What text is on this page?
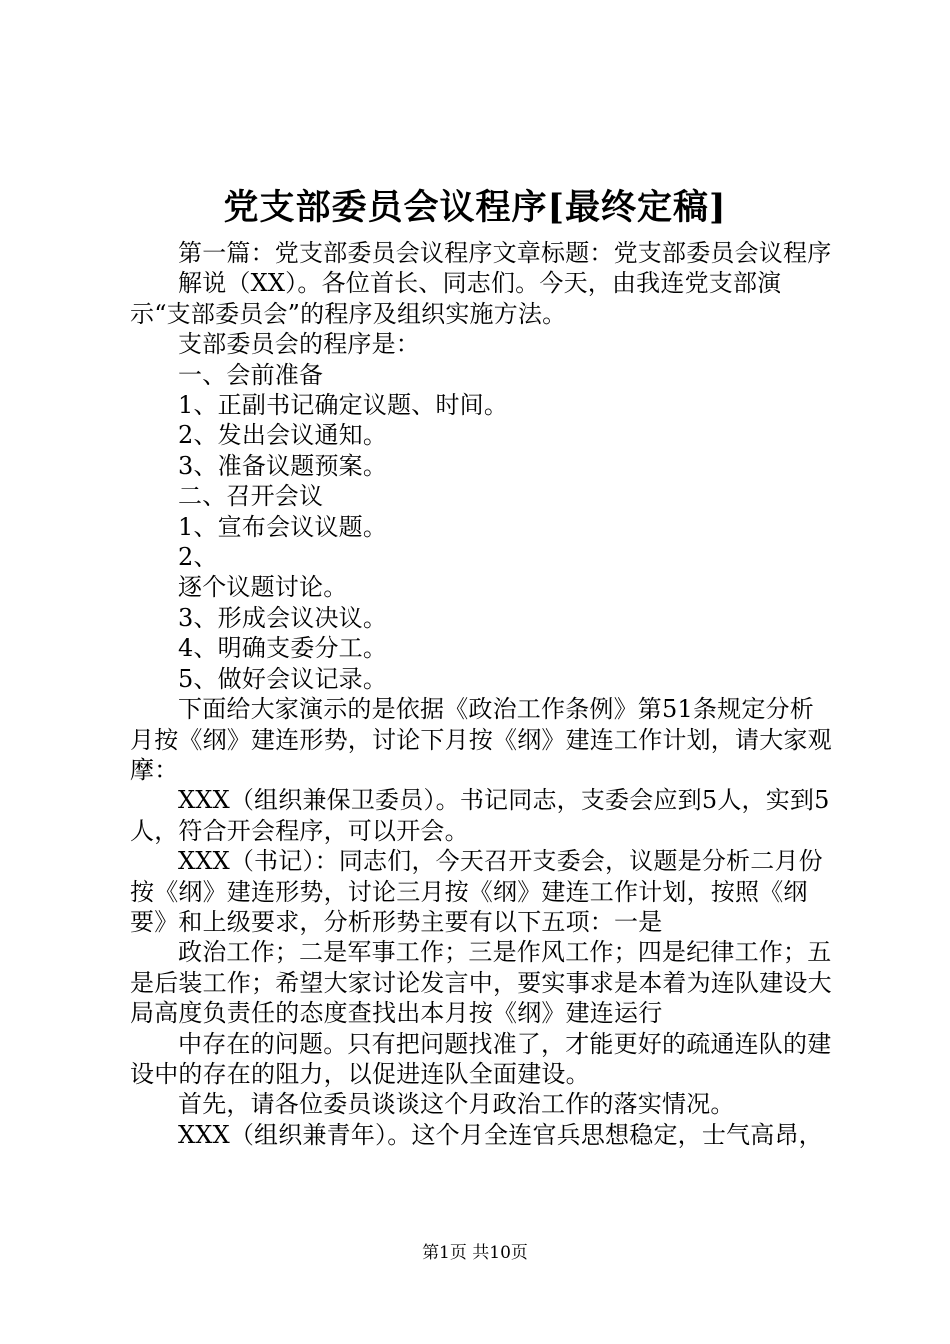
党支部委员会议程序[最终定稿]

第一篇：党支部委员会议程序文章标题：党支部委员会议程序

解说（XX）。各位首长、同志们。今天，由我连党支部演示“支部委员会”的程序及组织实施方法。

支部委员会的程序是：

一、会前准备

1、正副书记确定议题、时间。

2、发出会议通知。

3、准备议题预案。

二、召开会议

1、宣布会议议题。

2、

逐个议题讨论。

3、形成会议决议。

4、明确支委分工。

5、做好会议记录。

下面给大家演示的是依据《政治工作条例》第51条规定分析月按《纲》建连形势，讨论下月按《纲》建连工作计划，请大家观摩：

XXX（组织兼保卫委员）。书记同志，支委会应到5人，实到5人，符合开会程序，可以开会。

XXX（书记）：同志们，今天召开支委会，议题是分析二月份按《纲》建连形势，讨论三月按《纲》建连工作计划，按照《纲要》和上级要求，分析形势主要有以下五项：一是

政治工作；二是军事工作；三是作风工作；四是纪律工作；五是后装工作；希望大家讨论发言中，要实事求是本着为连队建设大局高度负责任的态度查找出本月按《纲》建连运行

中存在的问题。只有把问题找准了，才能更好的疏通连队的建设中的存在的阻力，以促进连队全面建设。

首先，请各位委员谈谈这个月政治工作的落实情况。

XXX（组织兼青年）。这个月全连官兵思想稳定，士气高昂，

第1页 共10页
